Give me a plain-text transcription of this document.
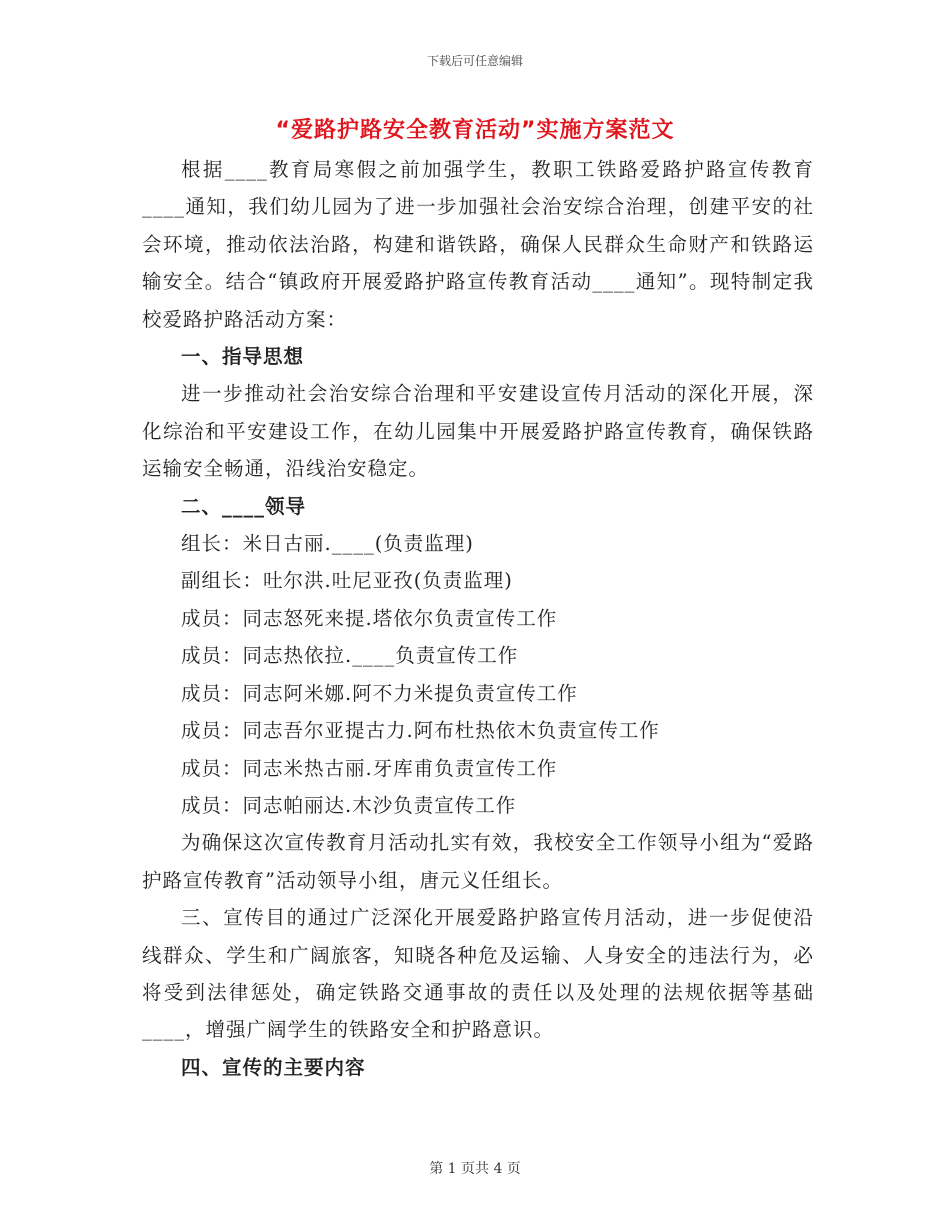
下载后可任意编辑
“爱路护路安全教育活动”实施方案范文

根据____教育局寒假之前加强学生，教职工铁路爱路护路宣传教育____通知，我们幼儿园为了进一步加强社会治安综合治理，创建平安的社会环境，推动依法治路，构建和谐铁路，确保人民群众生命财产和铁路运输安全。结合“镇政府开展爱路护路宣传教育活动____通知”。现特制定我校爱路护路活动方案：

一、指导思想

进一步推动社会治安综合治理和平安建设宣传月活动的深化开展，深化综治和平安建设工作，在幼儿园集中开展爱路护路宣传教育，确保铁路运输安全畅通，沿线治安稳定。

二、____领导

组长：米日古丽.____(负责监理)

副组长：吐尔洪.吐尼亚孜(负责监理)

成员：同志怒死来提.塔依尔负责宣传工作

成员：同志热依拉.____负责宣传工作

成员：同志阿米娜.阿不力米提负责宣传工作

成员：同志吾尔亚提古力.阿布杜热依木负责宣传工作

成员：同志米热古丽.牙库甫负责宣传工作

成员：同志帕丽达.木沙负责宣传工作

为确保这次宣传教育月活动扎实有效，我校安全工作领导小组为“爱路护路宣传教育”活动领导小组，唐元义任组长。

三、宣传目的通过广泛深化开展爱路护路宣传月活动，进一步促使沿线群众、学生和广阔旅客，知晓各种危及运输、人身安全的违法行为，必将受到法律惩处，确定铁路交通事故的责任以及处理的法规依据等基础____，增强广阔学生的铁路安全和护路意识。

四、宣传的主要内容

第 1 页共 4 页
